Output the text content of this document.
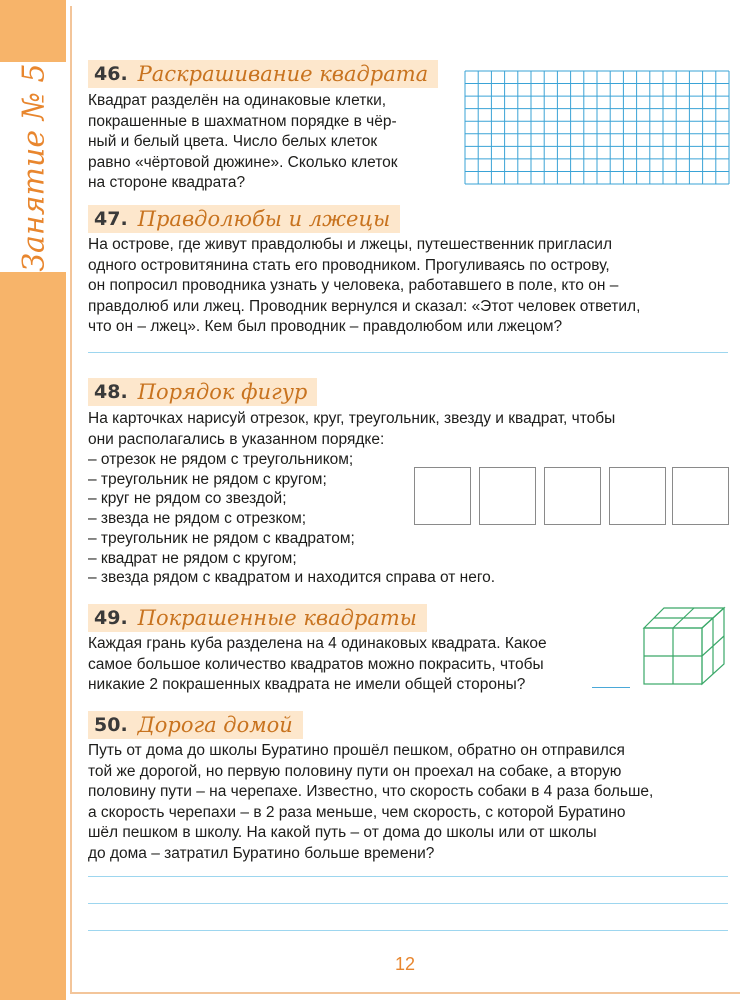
Занятие № 5 46. Раскрашивание квадрата
Квадрат разделён на одинаковые клетки,
покрашенные в шахматном порядке в чёр-
ный и белый цвета. Число белых клеток
равно «чёртовой дюжине». Сколько клеток
на стороне квадрата?
47. Правдолюбы и лжецы
На острове, где живут правдолюбы и лжецы, путешественник пригласил
одного островитянина стать его проводником. Прогуливаясь по острову,
он попросил проводника узнать у человека, работавшего в поле, кто он –
правдолюб или лжец. Проводник вернулся и сказал: «Этот человек ответил,
что он – лжец». Кем был проводник – правдолюбом или лжецом?
48. Порядок фигур
На карточках нарисуй отрезок, круг, треугольник, звезду и квадрат, чтобы
они располагались в указанном порядке:
– отрезок не рядом с треугольником;
– треугольник не рядом с кругом;
– круг не рядом со звездой;
– звезда не рядом с отрезком;
– треугольник не рядом с квадратом;
– квадрат не рядом с кругом;
– звезда рядом с квадратом и находится справа от него.
49. Покрашенные квадраты
Каждая грань куба разделена на 4 одинаковых квадрата. Какое
самое большое количество квадратов можно покрасить, чтобы
никакие 2 покрашенных квадрата не имели общей стороны?
50. Дорога домой
Путь от дома до школы Буратино прошёл пешком, обратно он отправился
той же дорогой, но первую половину пути он проехал на собаке, а вторую
половину пути – на черепахе. Известно, что скорость собаки в 4 раза больше,
а скорость черепахи – в 2 раза меньше, чем скорость, с которой Буратино
шёл пешком в школу. На какой путь – от дома до школы или от школы
до дома – затратил Буратино больше времени?
12
